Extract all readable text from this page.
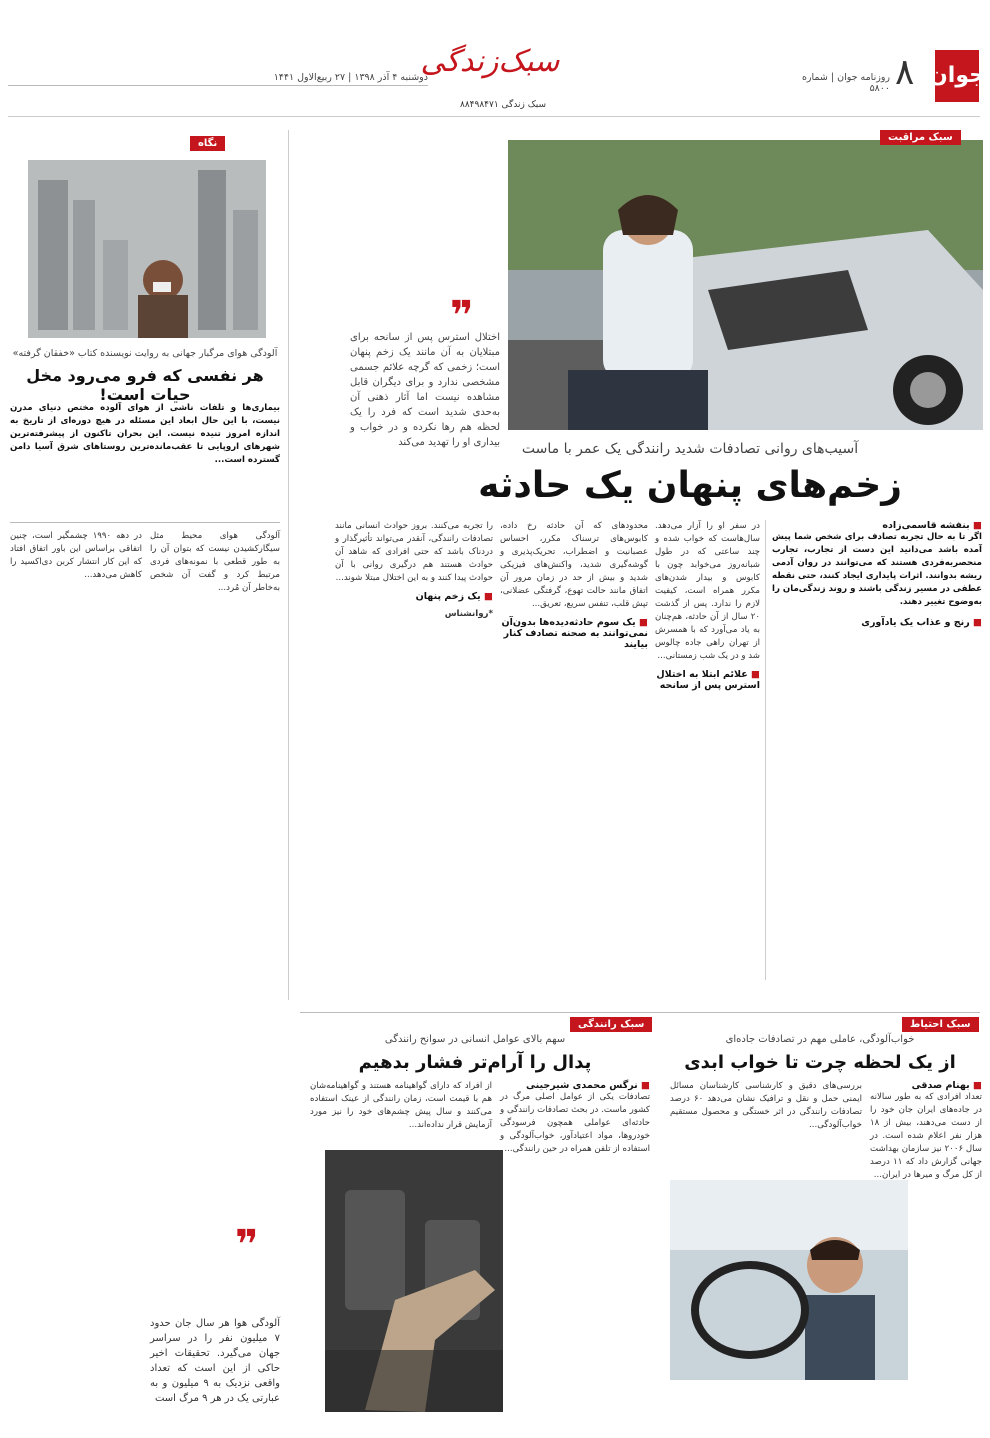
جوان
۸
روزنامه جوان | شماره ۵۸۰۰
سبک‌زندگی
سبک زندگی ۸۸۴۹۸۴۷۱
دوشنبه ۴ آذر ۱۳۹۸ | ۲۷ ربیع‌الاول ۱۴۴۱
سبک مراقبت
❞
اختلال استرس پس از سانحه برای مبتلایان به آن مانند یک زخم پنهان است؛ زخمی که گرچه علائم جسمی مشخصی ندارد و برای دیگران قابل مشاهده نیست اما آثار ذهنی آن به‌حدی شدید است که فرد را یک لحظه هم رها نکرده و در خواب و بیداری او را تهدید می‌کند	آسیب‌های روانی تصادفات شدید رانندگی یک عمر با ماست
زخم‌های پنهان یک حادثه
■ بنفشه قاسمی‌زاده
اگر تا به حال تجربه تصادف برای شخص شما پیش آمده باشد می‌دانید این دست از تجارب، تجارب منحصربه‌فردی هستند که می‌توانند در روان آدمی ریشه بدوانند. اثرات پایداری ایجاد کنند، حتی نقطه عطفی در مسیر زندگی باشند و روند زندگی‌مان را به‌وضوح تغییر دهند.
■ رنج و عذاب یک یادآوری
در سفر او را آزار می‌دهد. سال‌هاست که خواب شده و چند ساعتی که در طول شبانه‌روز می‌خوابد چون با کابوس و بیدار شدن‌های مکرر همراه است، کیفیت لازم را ندارد. پس از گذشت ۲۰ سال از آن حادثه، هم‌چنان به یاد می‌آورد که با همسرش از تهران راهی جاده چالوس شد و در یک شب زمستانی...
■ علائم ابتلا به اختلال استرس پس از سانحه
محدودهای که آن حادثه رخ داده، کابوس‌های ترسناک مکرر، احساس عصبانیت و اضطراب، تحریک‌پذیری و گوشه‌گیری شدید، واکنش‌های فیزیکی شدید و بیش از حد در زمان مرور آن اتفاق مانند حالت تهوع، گرفتگی عضلانی، تپش قلب، تنفس سریع، تعریق...
■ یک سوم حادثه‌دیده‌ها بدون‌آن نمی‌توانند به صحنه تصادف کنار بیایند
را تجربه می‌کنند. بروز حوادث انسانی مانند تصادفات رانندگی، آنقدر می‌تواند تأثیرگذار و دردناک باشد که حتی افرادی که شاهد آن حوادث هستند هم درگیری روانی با آن حوادث پیدا کنند و به این اختلال مبتلا شوند...
■ یک زخم پنهان
*روانشناس
نگاه
آلودگی هوای مرگبار جهانی به روایت نویسنده کتاب «خفقان گرفته»
هر نفسی که فرو می‌رود مخل حیات است!
بیماری‌ها و تلفات ناشی از هوای آلوده مختص دنیای مدرن نیست، با این حال ابعاد این مسئله در هیچ دوره‌ای از تاریخ به اندازه امروز تنیده نیست. این بحران تاکنون از پیشرفته‌ترین شهرهای اروپایی تا عقب‌مانده‌ترین روستاهای شرق آسیا دامن گسترده است...
آلودگی هوای محیط مثل سیگارکشیدن نیست که بتوان آن را به طور قطعی با نمونه‌های فردی مرتبط کرد و گفت آن شخص به‌خاطر آن مُرد...
در دهه ۱۹۹۰ چشمگیر است، چنین اتفاقی براساس این باور اتفاق افتاد که این کار انتشار کربن دی‌اکسید را کاهش می‌دهد...
❞
آلودگی هوا هر سال جان حدود ۷ میلیون نفر را در سراسر جهان می‌گیرد. تحقیقات اخیر حاکی از این است که تعداد واقعی نزدیک به ۹ میلیون و به عبارتی یک در هر ۹ مرگ است
سبک احتیاط
خواب‌آلودگی، عاملی مهم در تصادفات جاده‌ای
از یک لحظه چرت تا خواب ابدی
■ بهنام صدقی
تعداد افرادی که به طور سالانه در جاده‌های ایران جان خود را از دست می‌دهند، بیش از ۱۸ هزار نفر اعلام شده است. در سال ۲۰۰۶ نیز سازمان بهداشت جهانی گزارش داد که ۱۱ درصد از کل مرگ و میرها در ایران...
بررسی‌های دقیق و کارشناسی کارشناسان مسائل ایمنی حمل و نقل و ترافیک نشان می‌دهد ۶۰ درصد تصادفات رانندگی در اثر خستگی و محصول مستقیم خواب‌آلودگی...
سبک رانندگی
سهم بالای عوامل انسانی در سوانح رانندگی
پدال را آرام‌تر فشار بدهیم
■ نرگس محمدی شیرجینی
تصادفات یکی از عوامل اصلی مرگ در کشور ماست. در بحث تصادفات رانندگی و حادثه‌ای عواملی همچون فرسودگی خودروها، مواد اعتیادآور، خواب‌آلودگی و استفاده از تلفن همراه در حین رانندگی...
از افراد که دارای گواهینامه هستند و گواهینامه‌شان هم با قیمت است، زمان رانندگی از عینک استفاده می‌کنند و سال پیش چشم‌های خود را نیز مورد آزمایش قرار نداده‌اند...
